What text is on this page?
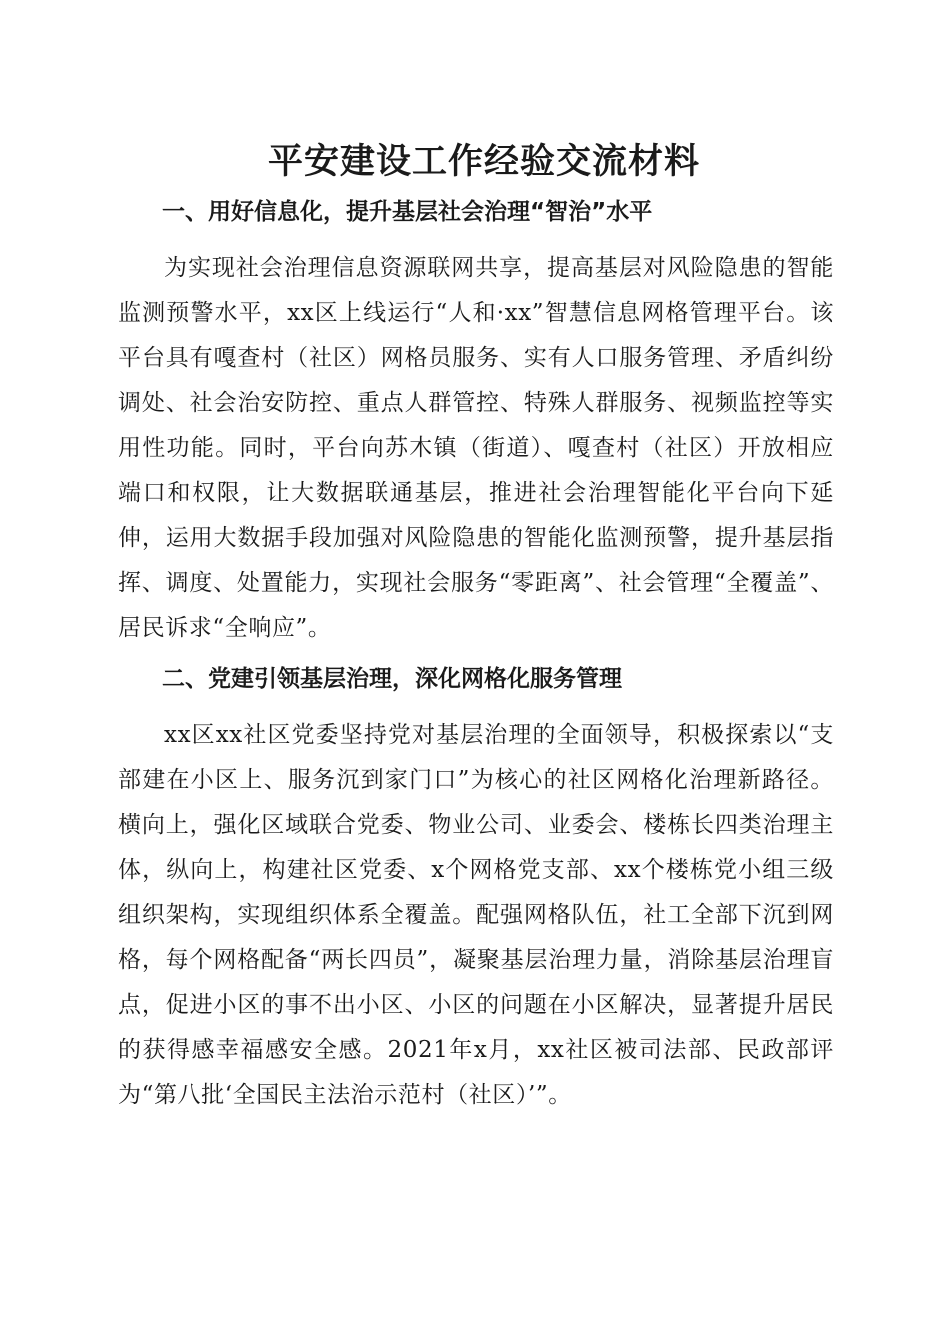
平安建设工作经验交流材料
一、用好信息化，提升基层社会治理“智治”水平

为实现社会治理信息资源联网共享，提高基层对风险隐患的智能监测预警水平，xx区上线运行“人和·xx”智慧信息网格管理平台。该平台具有嘎查村（社区）网格员服务、实有人口服务管理、矛盾纠纷调处、社会治安防控、重点人群管控、特殊人群服务、视频监控等实用性功能。同时，平台向苏木镇（街道）、嘎查村（社区）开放相应端口和权限，让大数据联通基层，推进社会治理智能化平台向下延伸，运用大数据手段加强对风险隐患的智能化监测预警，提升基层指挥、调度、处置能力，实现社会服务“零距离”、社会管理“全覆盖”、居民诉求“全响应”。

二、党建引领基层治理，深化网格化服务管理

xx区xx社区党委坚持党对基层治理的全面领导，积极探索以“支部建在小区上、服务沉到家门口”为核心的社区网格化治理新路径。横向上，强化区域联合党委、物业公司、业委会、楼栋长四类治理主体，纵向上，构建社区党委、x个网格党支部、xx个楼栋党小组三级组织架构，实现组织体系全覆盖。配强网格队伍，社工全部下沉到网格，每个网格配备“两长四员”，凝聚基层治理力量，消除基层治理盲点，促进小区的事不出小区、小区的问题在小区解决，显著提升居民的获得感幸福感安全感。2021年x月，xx社区被司法部、民政部评为“第八批‘全国民主法治示范村（社区）’”。
